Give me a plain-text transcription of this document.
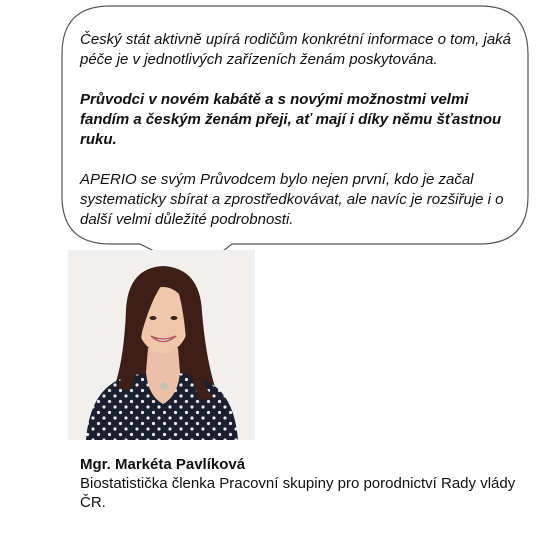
Český stát aktivně upírá rodičům konkrétní informace o tom, jaká péče je v jednotlivých zařízeních ženám poskytována.

Průvodci v novém kabátě a s novými možnostmi velmi fandím a českým ženám přeji, ať mají i díky němu šťastnou ruku.

APERIO se svým Průvodcem bylo nejen první, kdo je začal systematicky sbírat a zprostředkovávat, ale navíc je rozšiřuje i o další velmi důležité podrobnosti.

Mgr. Markéta Pavlíková
Biostatistička členka Pracovní skupiny pro porodnictví Rady vlády ČR.
